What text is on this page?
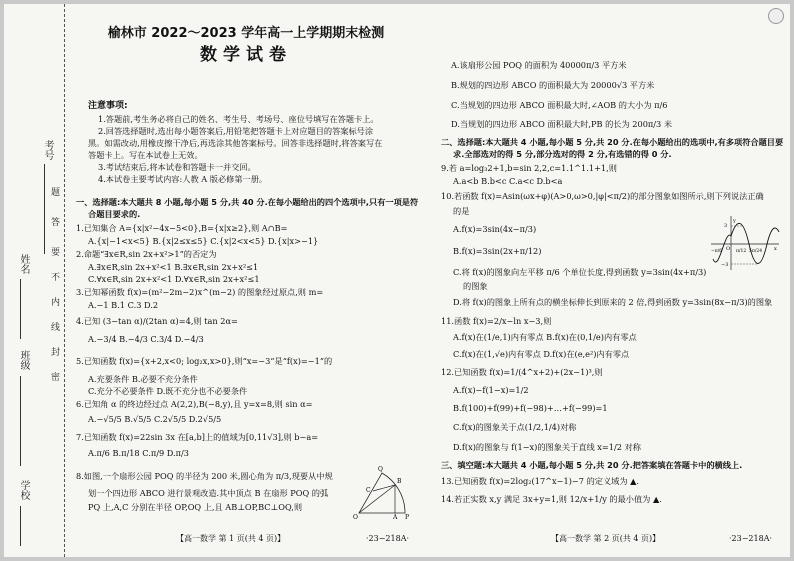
考号
姓名
班级
学校
题
答
要
不
内
线
封
密
榆林市 2022～2023 学年高一上学期期末检测
数学试卷
注意事项:
1.答题前,考生务必将自己的姓名、考生号、考场号、座位号填写在答题卡上。
2.回答选择题时,选出每小题答案后,用铅笔把答题卡上对应题目的答案标号涂
黑。如需改动,用橡皮擦干净后,再选涂其他答案标号。回答非选择题时,将答案写在
答题卡上。写在本试卷上无效。
3.考试结束后,将本试卷和答题卡一并交回。
4.本试卷主要考试内容:人教 A 版必修第一册。
一、选择题:本大题共 8 小题,每小题 5 分,共 40 分.在每小题给出的四个选项中,只有一项是符
合题目要求的.
1.已知集合 A={x|x²−4x−5<0},B={x|x≥2},则 A∩B=
A.{x|−1<x<5} B.{x|2≤x≤5} C.{x|2<x<5} D.{x|x>−1}
2.命题“∃x∈R,sin 2x+x²>1”的否定为
A.∃x∈R,sin 2x+x²<1 B.∃x∈R,sin 2x+x²≤1
C.∀x∈R,sin 2x+x²<1 D.∀x∈R,sin 2x+x²≤1
3.已知幂函数 f(x)=(m²−2m−2)x^(m−2) 的图象经过原点,则 m=
A.−1 B.1 C.3 D.2
4.已知 (3−tan α)/(2tan α)=4,则 tan 2α=
A.−3/4 B.−4/3 C.3/4 D.−4/3
5.已知函数 f(x)={x+2,x<0; log₂x,x>0},则“x=−3”是“f(x)=−1”的
A.充要条件 B.必要不充分条件
C.充分不必要条件 D.既不充分也不必要条件
6.已知角 α 的终边经过点 A(2,2),B(−8,y),且 y=x=8,则 sin α=
A.−√5/5 B.√5/5 C.2√5/5 D.2√5/5
7.已知函数 f(x)=22sin 3x 在[a,b]上的值域为[0,11√3],则 b−a=
A.π/6 B.π/18 C.π/9 D.π/3
8.如图,一个扇形公园 POQ 的半径为 200 米,圆心角为 π/3,现要从中规
划一个四边形 ABCO 进行景观改造.其中顶点 B 在扇形 POQ 的弧
PQ 上,A,C 分别在半径 OP,OQ 上,且 AB⊥OP,BC⊥OQ,则
O	A P
Q
B
C
【高一数学 第 1 页(共 4 页)】	·23−218A·
A.该扇形公园 POQ 的面积为 40000π/3 平方米
B.规划的四边形 ABCO 的面积最大为 20000√3 平方米
C.当规划的四边形 ABCO 面积最大时,∠AOB 的大小为 π/6
D.当规划的四边形 ABCO 面积最大时,PB 的长为 200π/3 米
二、选择题:本大题共 4 小题,每小题 5 分,共 20 分.在每小题给出的选项中,有多项符合题目要
求.全部选对的得 5 分,部分选对的得 2 分,有选错的得 0 分.
9.若 a=log₃2+1,b=sin 2,2,c=1.1^1.1+1,则
A.a<b B.b<c C.a<c D.b<a
10.若函数 f(x)=Asin(ωx+φ)(A>0,ω>0,|φ|<π/2)的部分图象如图所示,则下列说法正确
的是
A.f(x)=3sin(4x−π/3)
B.f(x)=3sin(2x+π/12)
C.将 f(x)的图象向左平移 π/6 个单位长度,得到函数 y=3sin(4x+π/3)
的图象
D.将 f(x)的图象上所有点的横坐标伸长到原来的 2 倍,得到函数 y=3sin(8x−π/3)的图象
11.函数 f(x)=2/x−ln x−3,则
A.f(x)在(1/e,1)内有零点 B.f(x)在(0,1/e)内有零点
C.f(x)在(1,√e)内有零点 D.f(x)在(e,e²)内有零点
12.已知函数 f(x)=1/(4^x+2)+(2x−1)³,则
A.f(x)−f(1−x)=1/2
B.f(100)+f(99)+f(−98)+…+f(−99)=1
C.f(x)的图象关于点(1/2,1/4)对称
D.f(x)的图象与 f(1−x)的图象关于直线 x=1/2 对称
三、填空题:本大题共 4 小题,每小题 5 分,共 20 分.把答案填在答题卡中的横线上.
13.已知函数 f(x)=2log₂(17^x−1)−7 的定义域为 ▲.
14.若正实数 x,y 满足 3x+y=1,则 12/x+1/y 的最小值为 ▲.
y
3
O	x
−3
−π/6	π/12 5π/24
【高一数学 第 2 页(共 4 页)】	·23−218A·
